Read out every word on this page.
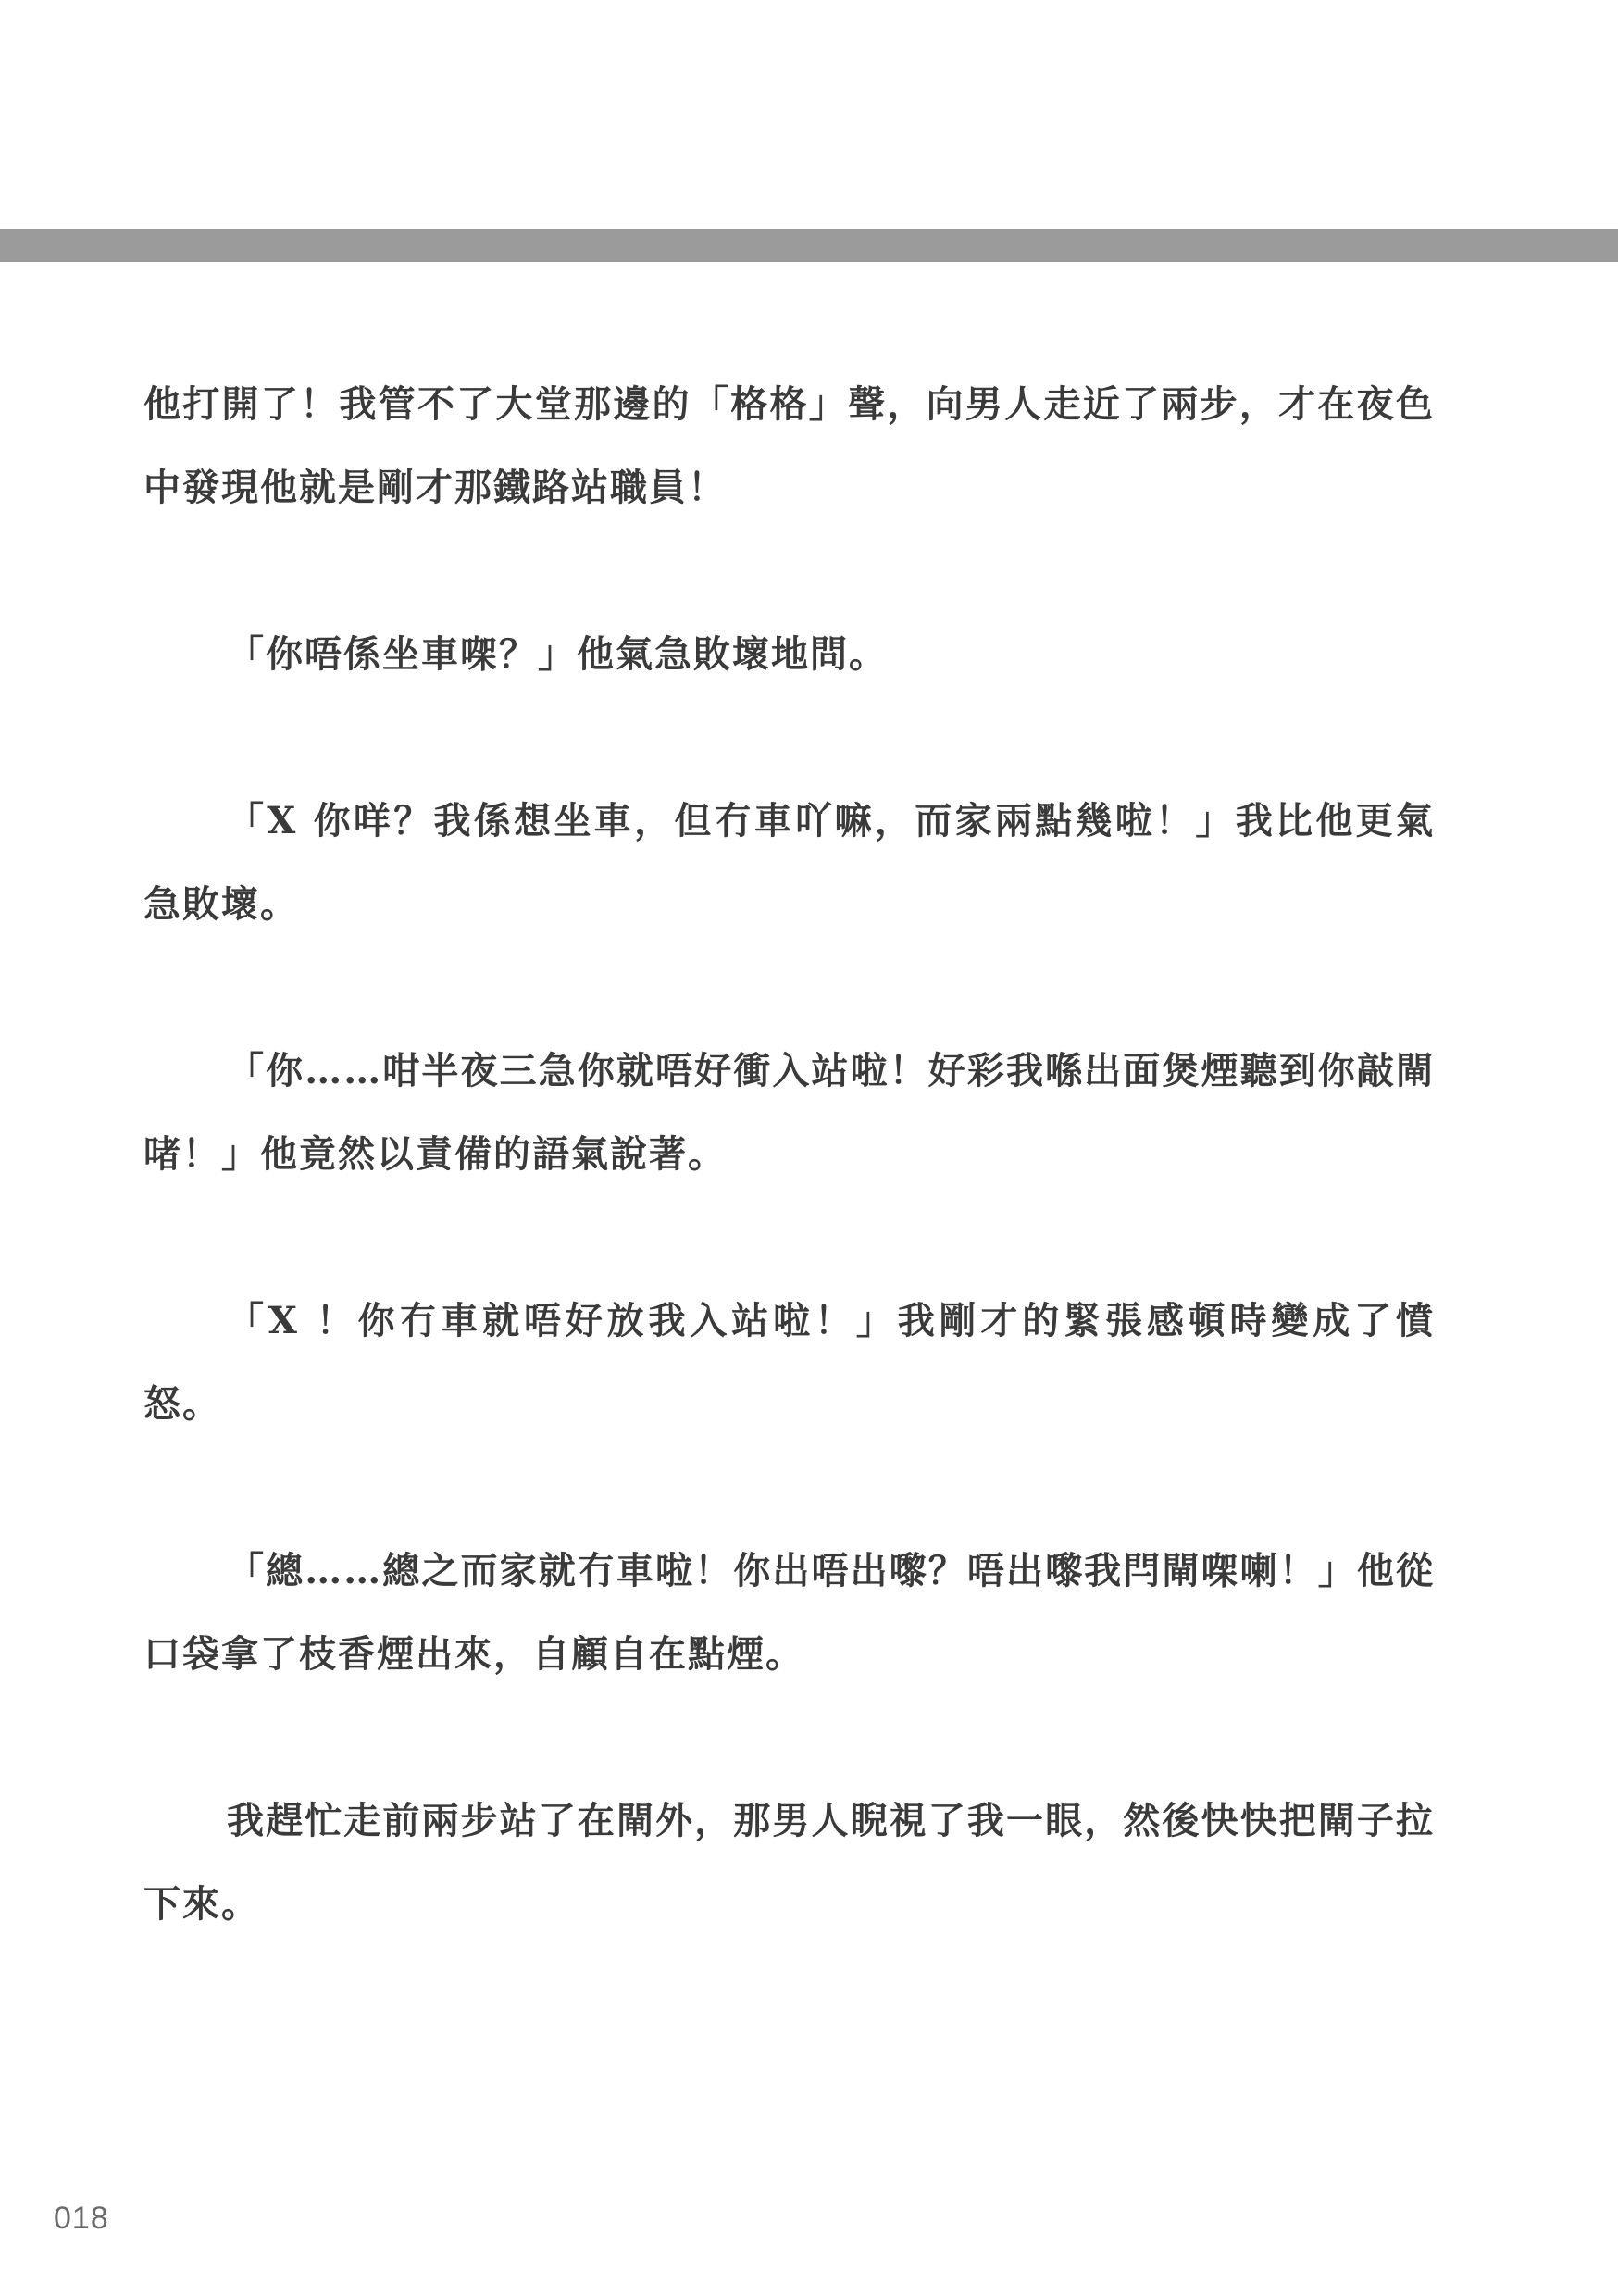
他打開了！我管不了大堂那邊的「格格」聲，向男人走近了兩步，才在夜色中發現他就是剛才那鐵路站職員！

「你唔係坐車㗎？」他氣急敗壞地問。

「X 你咩？我係想坐車，但冇車吖嘛，而家兩點幾啦！」我比他更氣急敗壞。

「你……咁半夜三急你就唔好衝入站啦！好彩我喺出面煲煙聽到你敲閘啫！」他竟然以責備的語氣說著。

「X ！你冇車就唔好放我入站啦！」我剛才的緊張感頓時變成了憤怒。

「總……總之而家就冇車啦！你出唔出嚟？唔出嚟我閂閘㗎喇！」他從口袋拿了枝香煙出來，自顧自在點煙。

我趕忙走前兩步站了在閘外，那男人睨視了我一眼，然後快快把閘子拉下來。

018
